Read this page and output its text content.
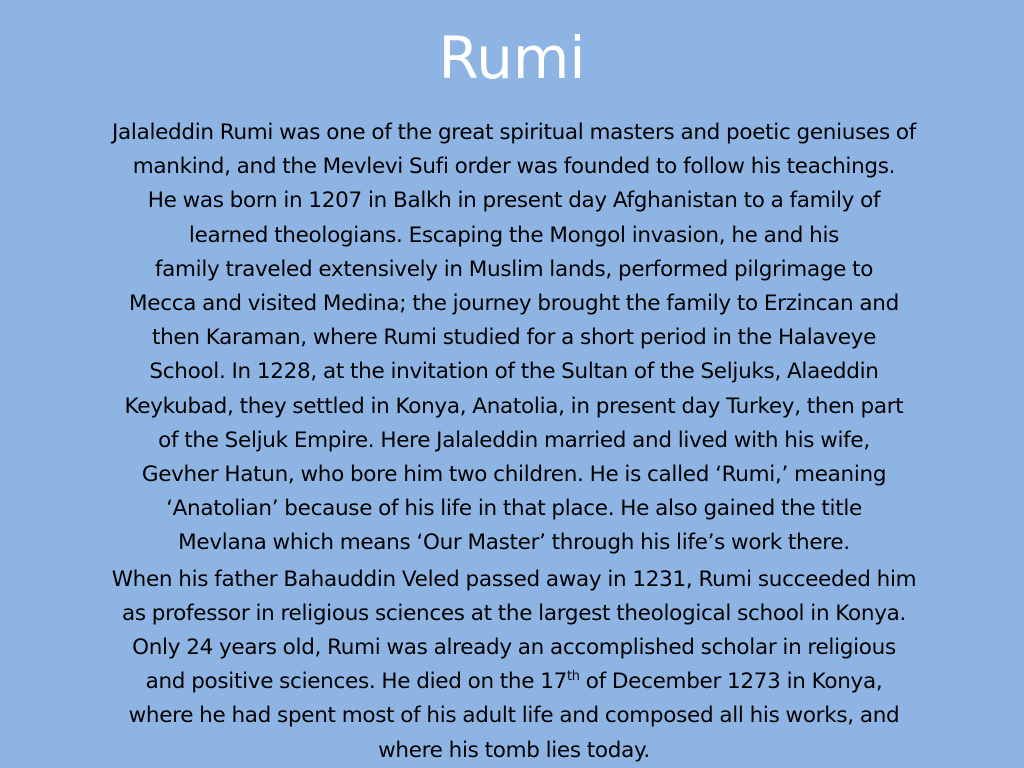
Rumi

Jalaleddin Rumi was one of the great spiritual masters and poetic geniuses of
mankind, and the Mevlevi Sufi order was founded to follow his teachings.
He was born in 1207 in Balkh in present day Afghanistan to a family of
learned theologians. Escaping the Mongol invasion, he and his
family traveled extensively in Muslim lands, performed pilgrimage to
Mecca and visited Medina; the journey brought the family to Erzincan and
then Karaman, where Rumi studied for a short period in the Halaveye
School. In 1228, at the invitation of the Sultan of the Seljuks, Alaeddin
Keykubad, they settled in Konya, Anatolia, in present day Turkey, then part
of the Seljuk Empire. Here Jalaleddin married and lived with his wife,
Gevher Hatun, who bore him two children. He is called ‘Rumi,’ meaning
‘Anatolian’ because of his life in that place. He also gained the title
Mevlana which means ‘Our Master’ through his life’s work there.

When his father Bahauddin Veled passed away in 1231, Rumi succeeded him
as professor in religious sciences at the largest theological school in Konya.
Only 24 years old, Rumi was already an accomplished scholar in religious
and positive sciences. He died on the 17th of December 1273 in Konya,
where he had spent most of his adult life and composed all his works, and
where his tomb lies today.
